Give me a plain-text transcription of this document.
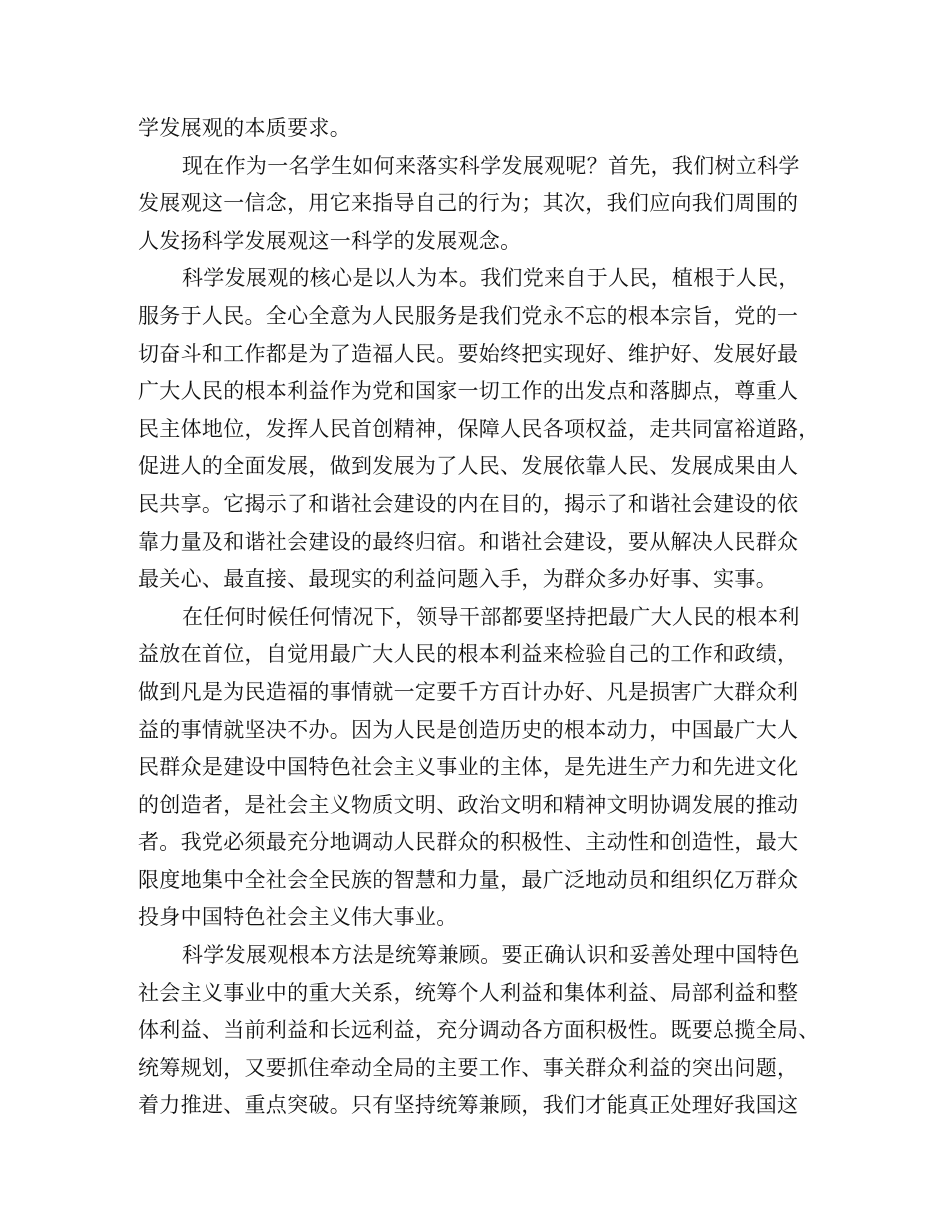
学发展观的本质要求。
现在作为一名学生如何来落实科学发展观呢？首先，我们树立科学
发展观这一信念，用它来指导自己的行为；其次，我们应向我们周围的
人发扬科学发展观这一科学的发展观念。
科学发展观的核心是以人为本。我们党来自于人民，植根于人民，
服务于人民。全心全意为人民服务是我们党永不忘的根本宗旨，党的一
切奋斗和工作都是为了造福人民。要始终把实现好、维护好、发展好最
广大人民的根本利益作为党和国家一切工作的出发点和落脚点，尊重人
民主体地位，发挥人民首创精神，保障人民各项权益，走共同富裕道路，
促进人的全面发展，做到发展为了人民、发展依靠人民、发展成果由人
民共享。它揭示了和谐社会建设的内在目的，揭示了和谐社会建设的依
靠力量及和谐社会建设的最终归宿。和谐社会建设，要从解决人民群众
最关心、最直接、最现实的利益问题入手，为群众多办好事、实事。
在任何时候任何情况下，领导干部都要坚持把最广大人民的根本利
益放在首位，自觉用最广大人民的根本利益来检验自己的工作和政绩，
做到凡是为民造福的事情就一定要千方百计办好、凡是损害广大群众利
益的事情就坚决不办。因为人民是创造历史的根本动力，中国最广大人
民群众是建设中国特色社会主义事业的主体，是先进生产力和先进文化
的创造者，是社会主义物质文明、政治文明和精神文明协调发展的推动
者。我党必须最充分地调动人民群众的积极性、主动性和创造性，最大
限度地集中全社会全民族的智慧和力量，最广泛地动员和组织亿万群众
投身中国特色社会主义伟大事业。
科学发展观根本方法是统筹兼顾。要正确认识和妥善处理中国特色
社会主义事业中的重大关系，统筹个人利益和集体利益、局部利益和整
体利益、当前利益和长远利益，充分调动各方面积极性。既要总揽全局、
统筹规划，又要抓住牵动全局的主要工作、事关群众利益的突出问题，
着力推进、重点突破。只有坚持统筹兼顾，我们才能真正处理好我国这
